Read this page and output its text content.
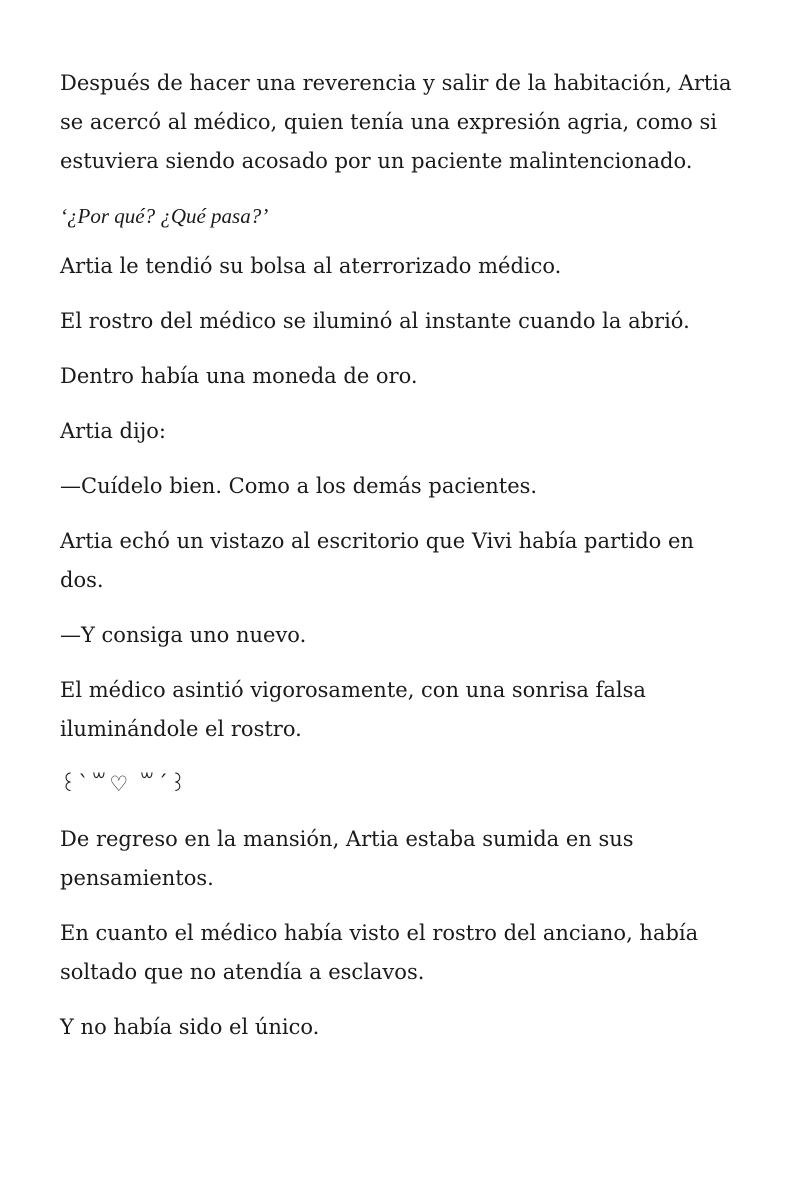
Después de hacer una reverencia y salir de la habitación, Artia se acercó al médico, quien tenía una expresión agria, como si estuviera siendo acosado por un paciente malintencionado.

‘¿Por qué? ¿Qué pasa?’

Artia le tendió su bolsa al aterrorizado médico.

El rostro del médico se iluminó al instante cuando la abrió.

Dentro había una moneda de oro.

Artia dijo:

—Cuídelo bien. Como a los demás pacientes.

Artia echó un vistazo al escritorio que Vivi había partido en dos.

—Y consiga uno nuevo.

El médico asintió vigorosamente, con una sonrisa falsa iluminándole el rostro.

꒰`꒳♡ ꒳´꒱

De regreso en la mansión, Artia estaba sumida en sus pensamientos.

En cuanto el médico había visto el rostro del anciano, había soltado que no atendía a esclavos.

Y no había sido el único.
